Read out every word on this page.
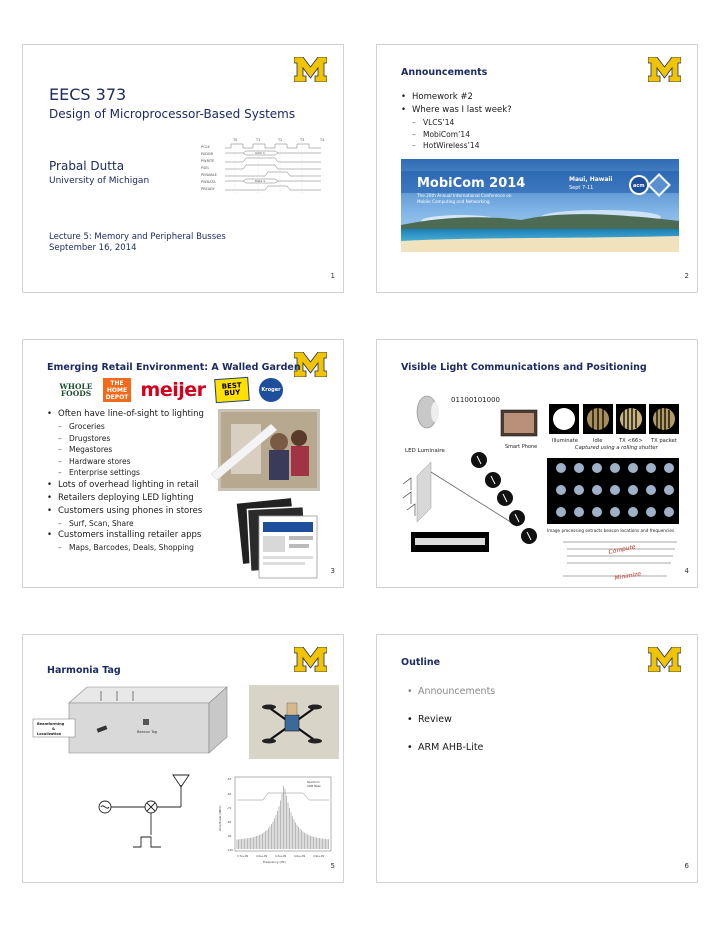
EECS 373
Design of Microprocessor-Based Systems
Prabal Dutta
University of Michigan
T0	T1	T2	T3	T4
PCLK
PADDR
PWRITE
PSEL
PENABLE
PWDATA
PREADY
Addr 1
Data 1
Lecture 5: Memory and Peripheral Busses
September 16, 2014
1
Announcements
• Homework #2
• Where was I last week?
– VLCS’14
– MobiCom’14
– HotWireless’14
MobiCom 2014
The 20th Annual International Conference on
Mobile Computing and Networking
Maui, Hawaii
Sept 7-11	acm
2
Emerging Retail Environment: A Walled Garden
WHOLE
FOODS
THE
HOME
DEPOT meijer BEST
BUY	Kroger
• Often have line-of-sight to lighting
– Groceries
– Drugstores
– Megastores
– Hardware stores
– Enterprise settings
• Lots of overhead lighting in retail
• Retailers deploying LED lighting
• Customers using phones in stores
– Surf, Scan, Share
• Customers installing retailer apps
– Maps, Barcodes, Deals, Shopping
3
Visible Light Communications and Positioning
LED Luminaire
01100101000
Smart Phone
Illuminate	Idle	TX <66> TX packet
Captured using a rolling shutter
S5
S4
S3
S2
S1
Image processing extracts beacon locations and frequencies
Compute
Minimize	4
Harmonia Tag
Beacon Tag
Beamforming
&
Localization
-50
-60
-70
-80
-90
-100
3.7e+09	4.0e+09	4.3e+09	4.6e+09	4.9e+09
Frequency (Hz)
Amplitude (dBm)
Spectrum
UWB Mask
5
Outline
• Announcements
• Review
• ARM AHB-Lite
6
